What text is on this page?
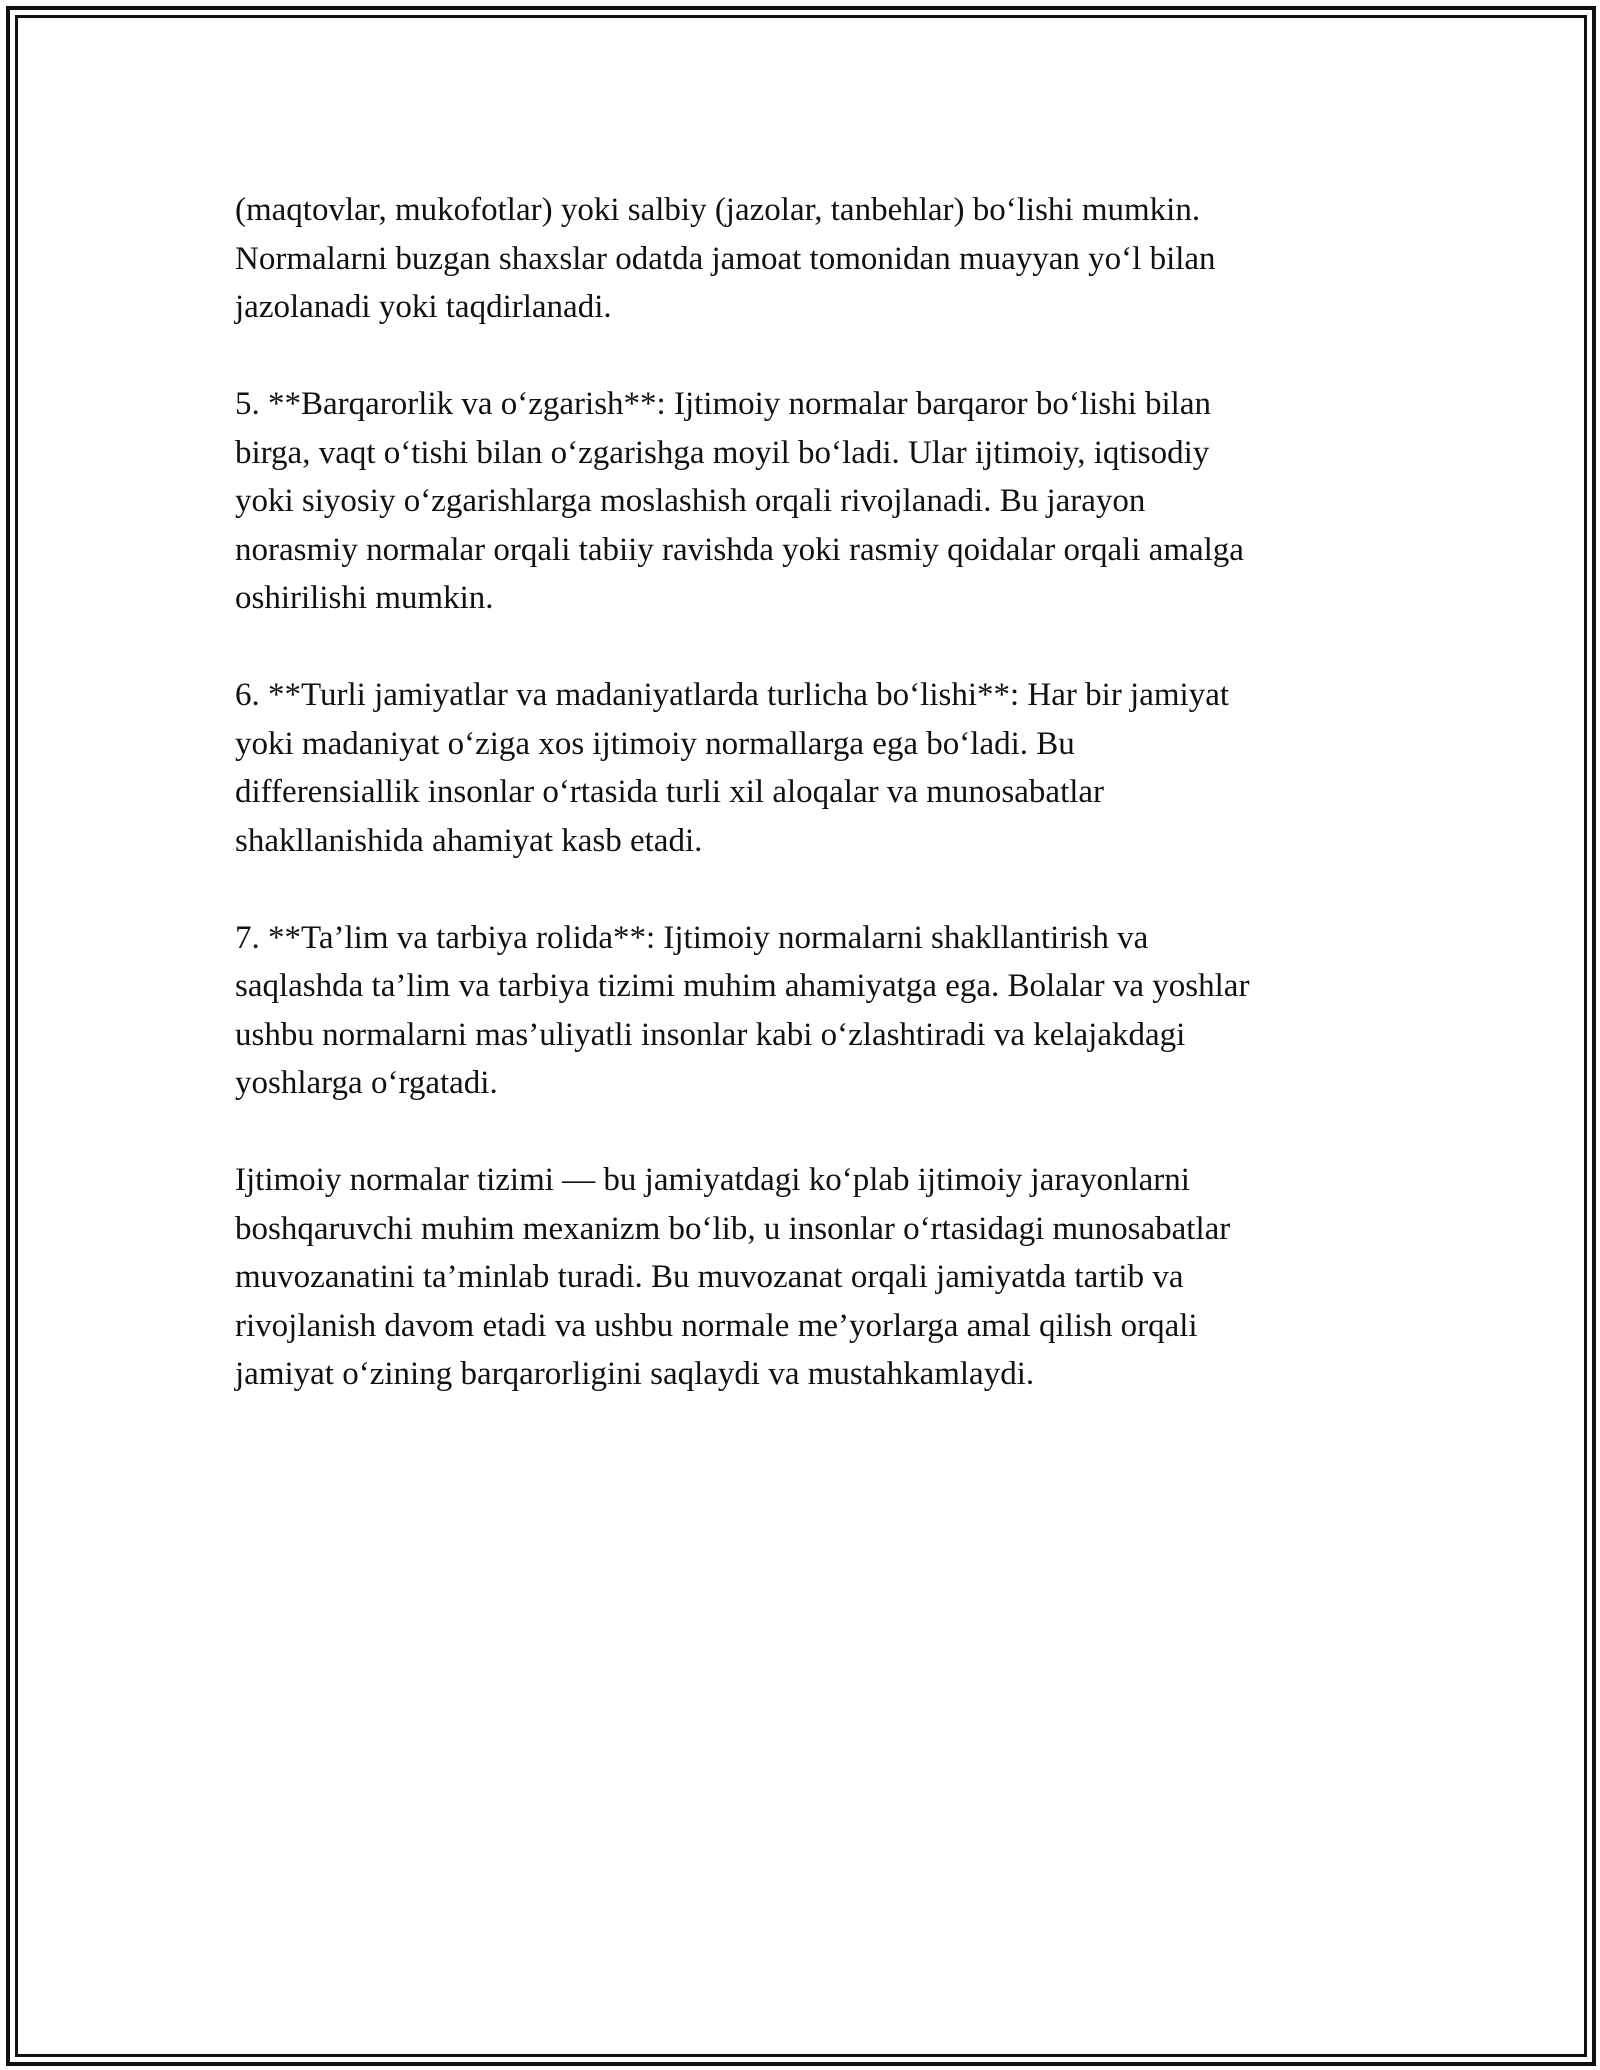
(maqtovlar, mukofotlar) yoki salbiy (jazolar, tanbehlar) bo‘lishi mumkin.
Normalarni buzgan shaxslar odatda jamoat tomonidan muayyan yo‘l bilan
jazolanadi yoki taqdirlanadi.

5. **Barqarorlik va o‘zgarish**: Ijtimoiy normalar barqaror bo‘lishi bilan
birga, vaqt o‘tishi bilan o‘zgarishga moyil bo‘ladi. Ular ijtimoiy, iqtisodiy
yoki siyosiy o‘zgarishlarga moslashish orqali rivojlanadi. Bu jarayon
norasmiy normalar orqali tabiiy ravishda yoki rasmiy qoidalar orqali amalga
oshirilishi mumkin.

6. **Turli jamiyatlar va madaniyatlarda turlicha bo‘lishi**: Har bir jamiyat
yoki madaniyat o‘ziga xos ijtimoiy normallarga ega bo‘ladi. Bu
differensiallik insonlar o‘rtasida turli xil aloqalar va munosabatlar
shakllanishida ahamiyat kasb etadi.

7. **Ta’lim va tarbiya rolida**: Ijtimoiy normalarni shakllantirish va
saqlashda ta’lim va tarbiya tizimi muhim ahamiyatga ega. Bolalar va yoshlar
ushbu normalarni mas’uliyatli insonlar kabi o‘zlashtiradi va kelajakdagi
yoshlarga o‘rgatadi.

Ijtimoiy normalar tizimi — bu jamiyatdagi ko‘plab ijtimoiy jarayonlarni
boshqaruvchi muhim mexanizm bo‘lib, u insonlar o‘rtasidagi munosabatlar
muvozanatini ta’minlab turadi. Bu muvozanat orqali jamiyatda tartib va
rivojlanish davom etadi va ushbu normale me’yorlarga amal qilish orqali
jamiyat o‘zining barqarorligini saqlaydi va mustahkamlaydi.
